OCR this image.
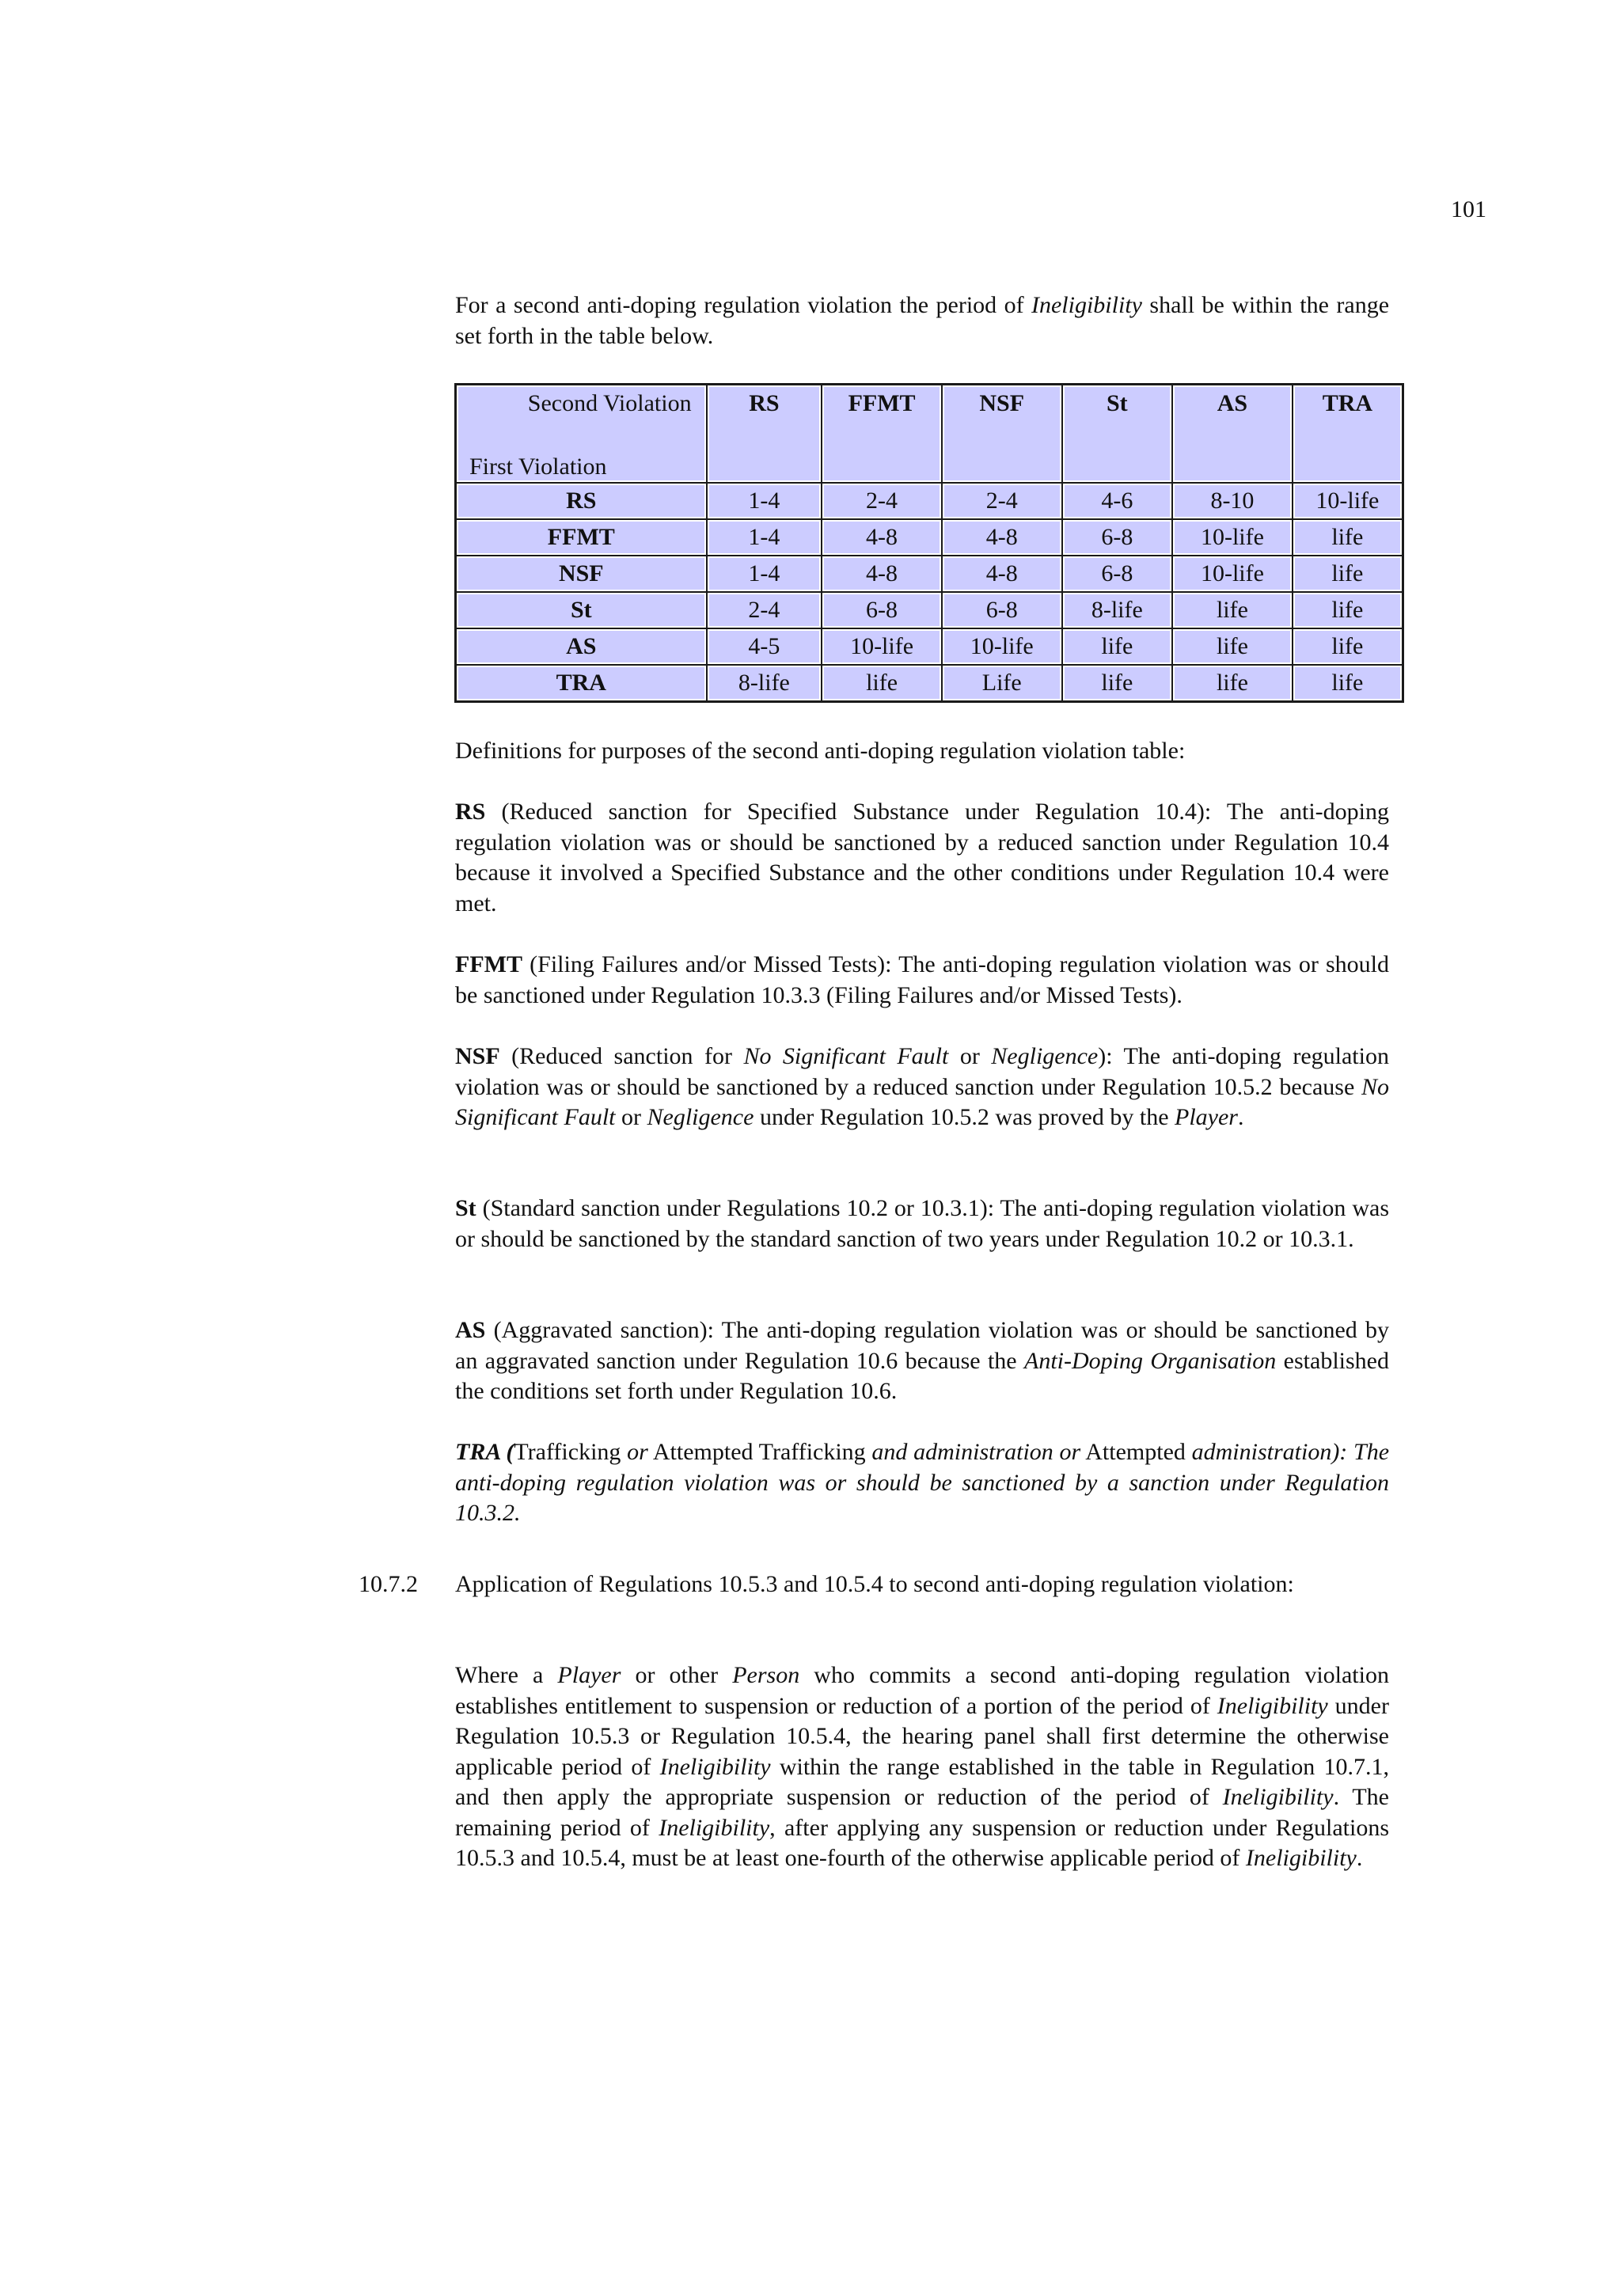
101

For a second anti-doping regulation violation the period of Ineligibility shall be within the range set forth in the table below.

Second Violation
First Violation	RS	FFMT	NSF	St	AS	TRA
RS	1-4	2-4	2-4	4-6	8-10	10-life
FFMT	1-4	4-8	4-8	6-8	10-life	life
NSF	1-4	4-8	4-8	6-8	10-life	life
St	2-4	6-8	6-8	8-life	life	life
AS	4-5	10-life	10-life	life	life	life
TRA	8-life	life	Life	life	life	life

Definitions for purposes of the second anti-doping regulation violation table:

RS (Reduced sanction for Specified Substance under Regulation 10.4): The anti-doping regulation violation was or should be sanctioned by a reduced sanction under Regulation 10.4 because it involved a Specified Substance and the other conditions under Regulation 10.4 were met.

FFMT (Filing Failures and/or Missed Tests): The anti-doping regulation violation was or should be sanctioned under Regulation 10.3.3 (Filing Failures and/or Missed Tests).

NSF (Reduced sanction for No Significant Fault or Negligence): The anti-doping regulation violation was or should be sanctioned by a reduced sanction under Regulation 10.5.2 because No Significant Fault or Negligence under Regulation 10.5.2 was proved by the Player.

St (Standard sanction under Regulations 10.2 or 10.3.1): The anti-doping regulation violation was or should be sanctioned by the standard sanction of two years under Regulation 10.2 or 10.3.1.

AS (Aggravated sanction): The anti-doping regulation violation was or should be sanctioned by an aggravated sanction under Regulation 10.6 because the Anti-Doping Organisation established the conditions set forth under Regulation 10.6.

TRA (Trafficking or Attempted Trafficking and administration or Attempted administration): The anti-doping regulation violation was or should be sanctioned by a sanction under Regulation 10.3.2.

10.7.2 Application of Regulations 10.5.3 and 10.5.4 to second anti-doping regulation violation:

Where a Player or other Person who commits a second anti-doping regulation violation establishes entitlement to suspension or reduction of a portion of the period of Ineligibility under Regulation 10.5.3 or Regulation 10.5.4, the hearing panel shall first determine the otherwise applicable period of Ineligibility within the range established in the table in Regulation 10.7.1, and then apply the appropriate suspension or reduction of the period of Ineligibility. The remaining period of Ineligibility, after applying any suspension or reduction under Regulations 10.5.3 and 10.5.4, must be at least one-fourth of the otherwise applicable period of Ineligibility.
